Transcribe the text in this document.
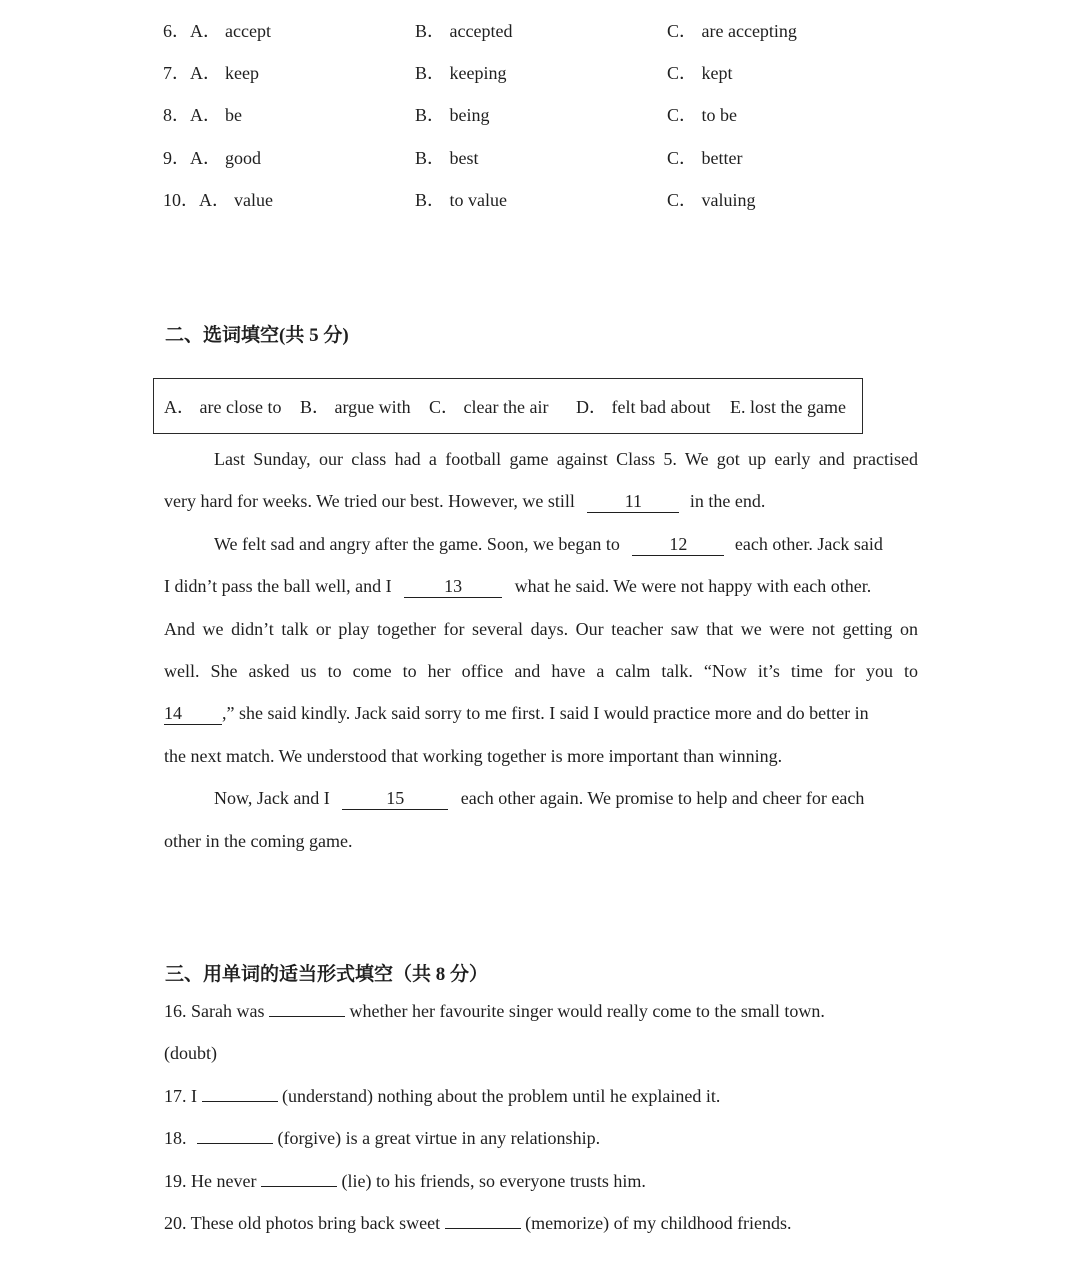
6．A． accept	B． accepted	C． are accepting
7．A． keep	B． keeping	C． kept
8．A． be	B． being	C． to be
9．A． good	B． best	C． better
10．A． value	B． to value	C． valuing
二、选词填空(共 5 分)
A． are close to B． argue with C． clear the air D． felt bad about E. lost the game
Last Sunday, our class had a football game against Class 5. We got up early and practised
very hard for weeks. We tried our best. However, we still	11	in the end.
We felt sad and angry after the game. Soon, we began to	12	each other. Jack said
I didn’t pass the ball well, and I	13	what he said. We were not happy with each other.
And we didn’t talk or play together for several days. Our teacher saw that we were not getting on
well. She asked us to come to her office and have a calm talk. “Now it’s time for you to
14 ,” she said kindly. Jack said sorry to me first. I said I would practice more and do better in
the next match. We understood that working together is more important than winning.
Now, Jack and I	15	each other again. We promise to help and cheer for each
other in the coming game.
三、用单词的适当形式填空（共 8 分）
16. Sarah was	whether her favourite singer would really come to the small town.
(doubt)
17. I	(understand) nothing about the problem until he explained it.
18.	(forgive) is a great virtue in any relationship.
19. He never	(lie) to his friends, so everyone trusts him.
20. These old photos bring back sweet	(memorize) of my childhood friends.
